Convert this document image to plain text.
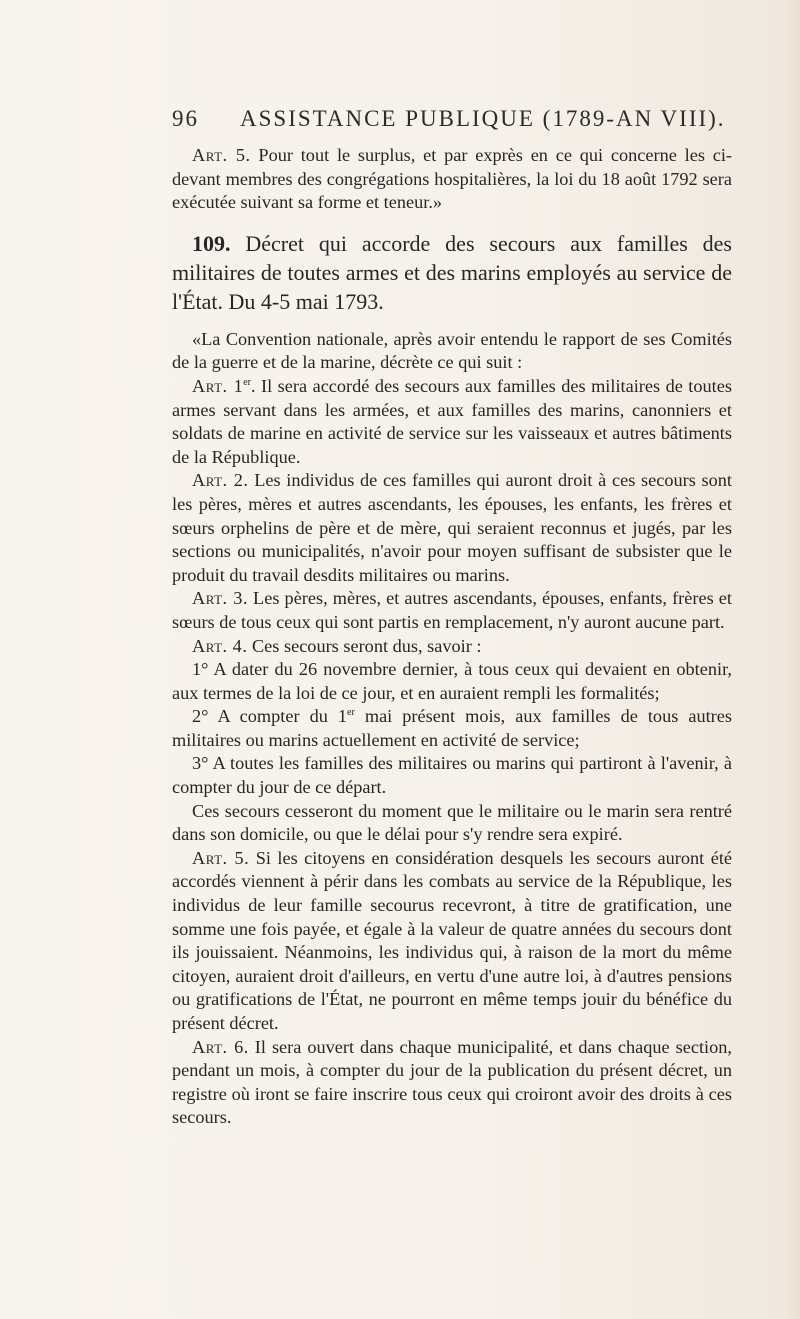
96 ASSISTANCE PUBLIQUE (1789-AN VIII).

Art. 5. Pour tout le surplus, et par exprès en ce qui concerne les ci-devant membres des congrégations hospitalières, la loi du 18 août 1792 sera exécutée suivant sa forme et teneur.»

109. Décret qui accorde des secours aux familles des militaires de toutes armes et des marins employés au service de l'État. Du 4-5 mai 1793.

«La Convention nationale, après avoir entendu le rapport de ses Comités de la guerre et de la marine, décrète ce qui suit :

Art. 1er. Il sera accordé des secours aux familles des militaires de toutes armes servant dans les armées, et aux familles des marins, canonniers et soldats de marine en activité de service sur les vaisseaux et autres bâtiments de la République.

Art. 2. Les individus de ces familles qui auront droit à ces secours sont les pères, mères et autres ascendants, les épouses, les enfants, les frères et sœurs orphelins de père et de mère, qui seraient reconnus et jugés, par les sections ou municipalités, n'avoir pour moyen suffisant de subsister que le produit du travail desdits militaires ou marins.

Art. 3. Les pères, mères, et autres ascendants, épouses, enfants, frères et sœurs de tous ceux qui sont partis en remplacement, n'y auront aucune part.

Art. 4. Ces secours seront dus, savoir :

1° A dater du 26 novembre dernier, à tous ceux qui devaient en obtenir, aux termes de la loi de ce jour, et en auraient rempli les formalités;

2° A compter du 1er mai présent mois, aux familles de tous autres militaires ou marins actuellement en activité de service;

3° A toutes les familles des militaires ou marins qui partiront à l'avenir, à compter du jour de ce départ.

Ces secours cesseront du moment que le militaire ou le marin sera rentré dans son domicile, ou que le délai pour s'y rendre sera expiré.

Art. 5. Si les citoyens en considération desquels les secours auront été accordés viennent à périr dans les combats au service de la République, les individus de leur famille secourus recevront, à titre de gratification, une somme une fois payée, et égale à la valeur de quatre années du secours dont ils jouissaient. Néanmoins, les individus qui, à raison de la mort du même citoyen, auraient droit d'ailleurs, en vertu d'une autre loi, à d'autres pensions ou gratifications de l'État, ne pourront en même temps jouir du bénéfice du présent décret.

Art. 6. Il sera ouvert dans chaque municipalité, et dans chaque section, pendant un mois, à compter du jour de la publication du présent décret, un registre où iront se faire inscrire tous ceux qui croiront avoir des droits à ces secours.
